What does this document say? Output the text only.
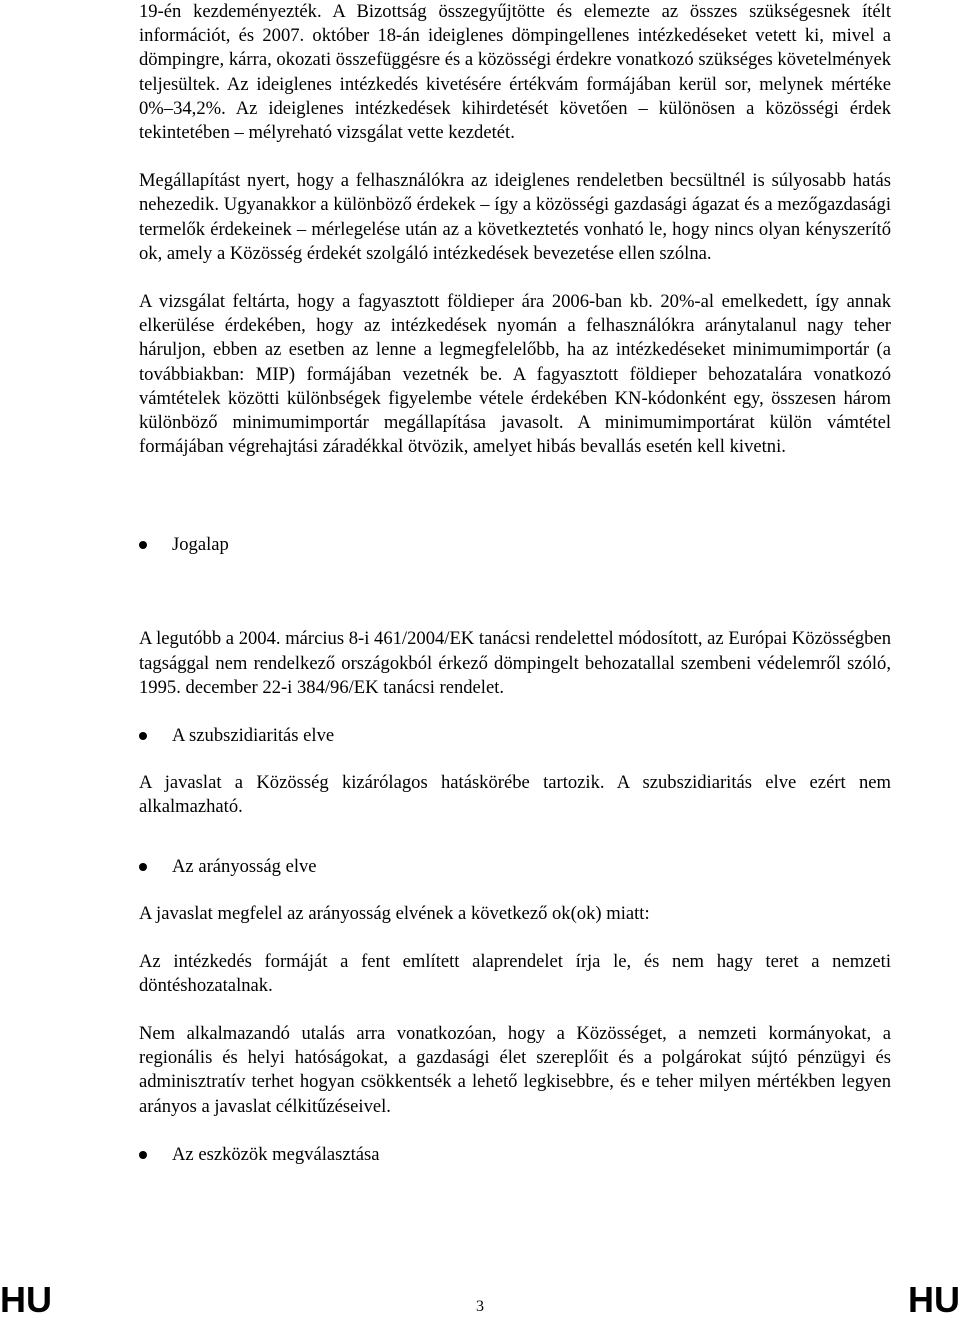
19-én kezdeményezték. A Bizottság összegyűjtötte és elemezte az összes szükségesnek ítélt információt, és 2007. október 18-án ideiglenes dömpingellenes intézkedéseket vetett ki, mivel a dömpingre, kárra, okozati összefüggésre és a közösségi érdekre vonatkozó szükséges követelmények teljesültek. Az ideiglenes intézkedés kivetésére értékvám formájában kerül sor, melynek mértéke 0%–34,2%. Az ideiglenes intézkedések kihirdetését követően – különösen a közösségi érdek tekintetében – mélyreható vizsgálat vette kezdetét.

Megállapítást nyert, hogy a felhasználókra az ideiglenes rendeletben becsültnél is súlyosabb hatás nehezedik. Ugyanakkor a különböző érdekek – így a közösségi gazdasági ágazat és a mezőgazdasági termelők érdekeinek – mérlegelése után az a következtetés vonható le, hogy nincs olyan kényszerítő ok, amely a Közösség érdekét szolgáló intézkedések bevezetése ellen szólna.

A vizsgálat feltárta, hogy a fagyasztott földieper ára 2006-ban kb. 20%-al emelkedett, így annak elkerülése érdekében, hogy az intézkedések nyomán a felhasználókra aránytalanul nagy teher háruljon, ebben az esetben az lenne a legmegfelelőbb, ha az intézkedéseket minimumimportár (a továbbiakban: MIP) formájában vezetnék be. A fagyasztott földieper behozatalára vonatkozó vámtételek közötti különbségek figyelembe vétele érdekében KN-kódonként egy, összesen három különböző minimumimportár megállapítása javasolt. A minimumimportárat külön vámtétel formájában végrehajtási záradékkal ötvözik, amelyet hibás bevallás esetén kell kivetni.

Jogalap

A legutóbb a 2004. március 8-i 461/2004/EK tanácsi rendelettel módosított, az Európai Közösségben tagsággal nem rendelkező országokból érkező dömpingelt behozatallal szembeni védelemről szóló, 1995. december 22-i 384/96/EK tanácsi rendelet.

A szubszidiaritás elve

A javaslat a Közösség kizárólagos hatáskörébe tartozik. A szubszidiaritás elve ezért nem alkalmazható.

Az arányosság elve

A javaslat megfelel az arányosság elvének a következő ok(ok) miatt:

Az intézkedés formáját a fent említett alaprendelet írja le, és nem hagy teret a nemzeti döntéshozatalnak.

Nem alkalmazandó utalás arra vonatkozóan, hogy a Közösséget, a nemzeti kormányokat, a regionális és helyi hatóságokat, a gazdasági élet szereplőit és a polgárokat sújtó pénzügyi és adminisztratív terhet hogyan csökkentsék a lehető legkisebbre, és e teher milyen mértékben legyen arányos a javaslat célkitűzéseivel.

Az eszközök megválasztása
HU	3	HU
